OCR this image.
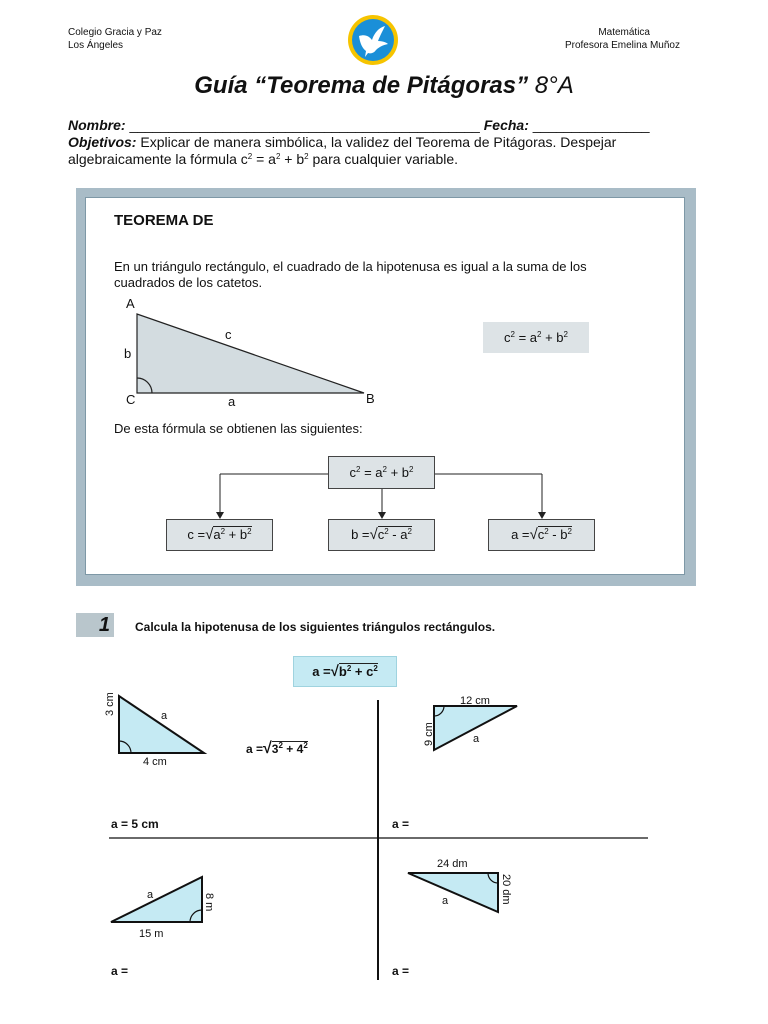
Colegio Gracia y Paz
Los Ángeles
Matemática
Profesora Emelina Muñoz
Guía “Teorema de Pitágoras” 8°A
Nombre: _____________________________________________ Fecha: _______________
Objetivos: Explicar de manera simbólica, la validez del Teorema de Pitágoras. Despejar
algebraicamente la fórmula $c^2 = a^2 + b^2$ para cualquier variable.
TEOREMA DE
En un triángulo rectángulo, el cuadrado de la hipotenusa es igual a la suma de los
cuadrados de los catetos.
A
b
c
C	a	B
$c^2 = a^2 + b^2$
De esta fórmula se obtienen las siguientes:
$c^2 = a^2 + b^2$
$c =√a^2 + b^2$	$b =√c^2 - a^2$	$a =√c^2 - b^2$
1	Calcula la hipotenusa de los siguientes triángulos rectángulos.
$a =√b^2 + c^2$
3 cm	a
4 cm
$a =√3^2 + 4^2$
a = 5 cm
12 cm
9 cm	a
a =
a	8 m
15 m
a =
24 dm
20 dm
a
a =
